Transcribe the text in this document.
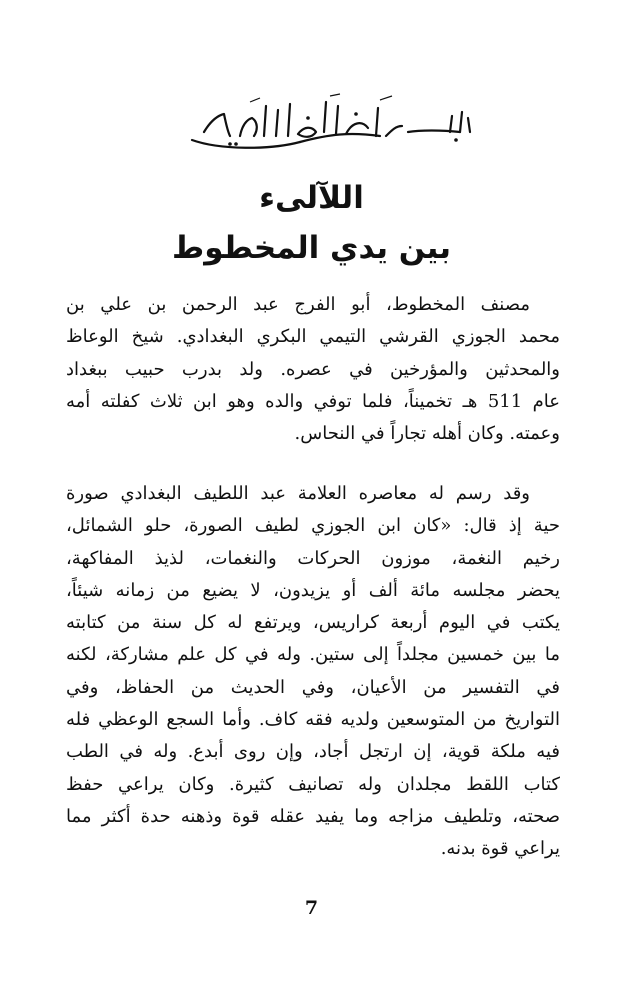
اللآلىء

بين يدي المخطوط

مصنف المخطوط، أبو الفرج عبد الرحمن بن علي بن
محمد الجوزي القرشي التيمي البكري البغدادي. شيخ الوعاظ
والمحدثين والمؤرخين في عصره. ولد بدرب حبيب ببغداد
عام 511 هـ تخميناً، فلما توفي والده وهو ابن ثلاث كفلته أمه
وعمته. وكان أهله تجاراً في النحاس.
وقد رسم له معاصره العلامة عبد اللطيف البغدادي صورة
حية إذ قال: «كان ابن الجوزي لطيف الصورة، حلو الشمائل،
رخيم النغمة، موزون الحركات والنغمات، لذيذ المفاكهة،
يحضر مجلسه مائة ألف أو يزيدون، لا يضيع من زمانه شيئاً،
يكتب في اليوم أربعة كراريس، ويرتفع له كل سنة من كتابته
ما بين خمسين مجلداً إلى ستين. وله في كل علم مشاركة، لكنه
في التفسير من الأعيان، وفي الحديث من الحفاظ، وفي
التواريخ من المتوسعين ولديه فقه كاف. وأما السجع الوعظي فله
فيه ملكة قوية، إن ارتجل أجاد، وإن روى أبدع. وله في الطب
كتاب اللقط مجلدان وله تصانيف كثيرة. وكان يراعي حفظ
صحته، وتلطيف مزاجه وما يفيد عقله قوة وذهنه حدة أكثر مما
يراعي قوة بدنه.
7
